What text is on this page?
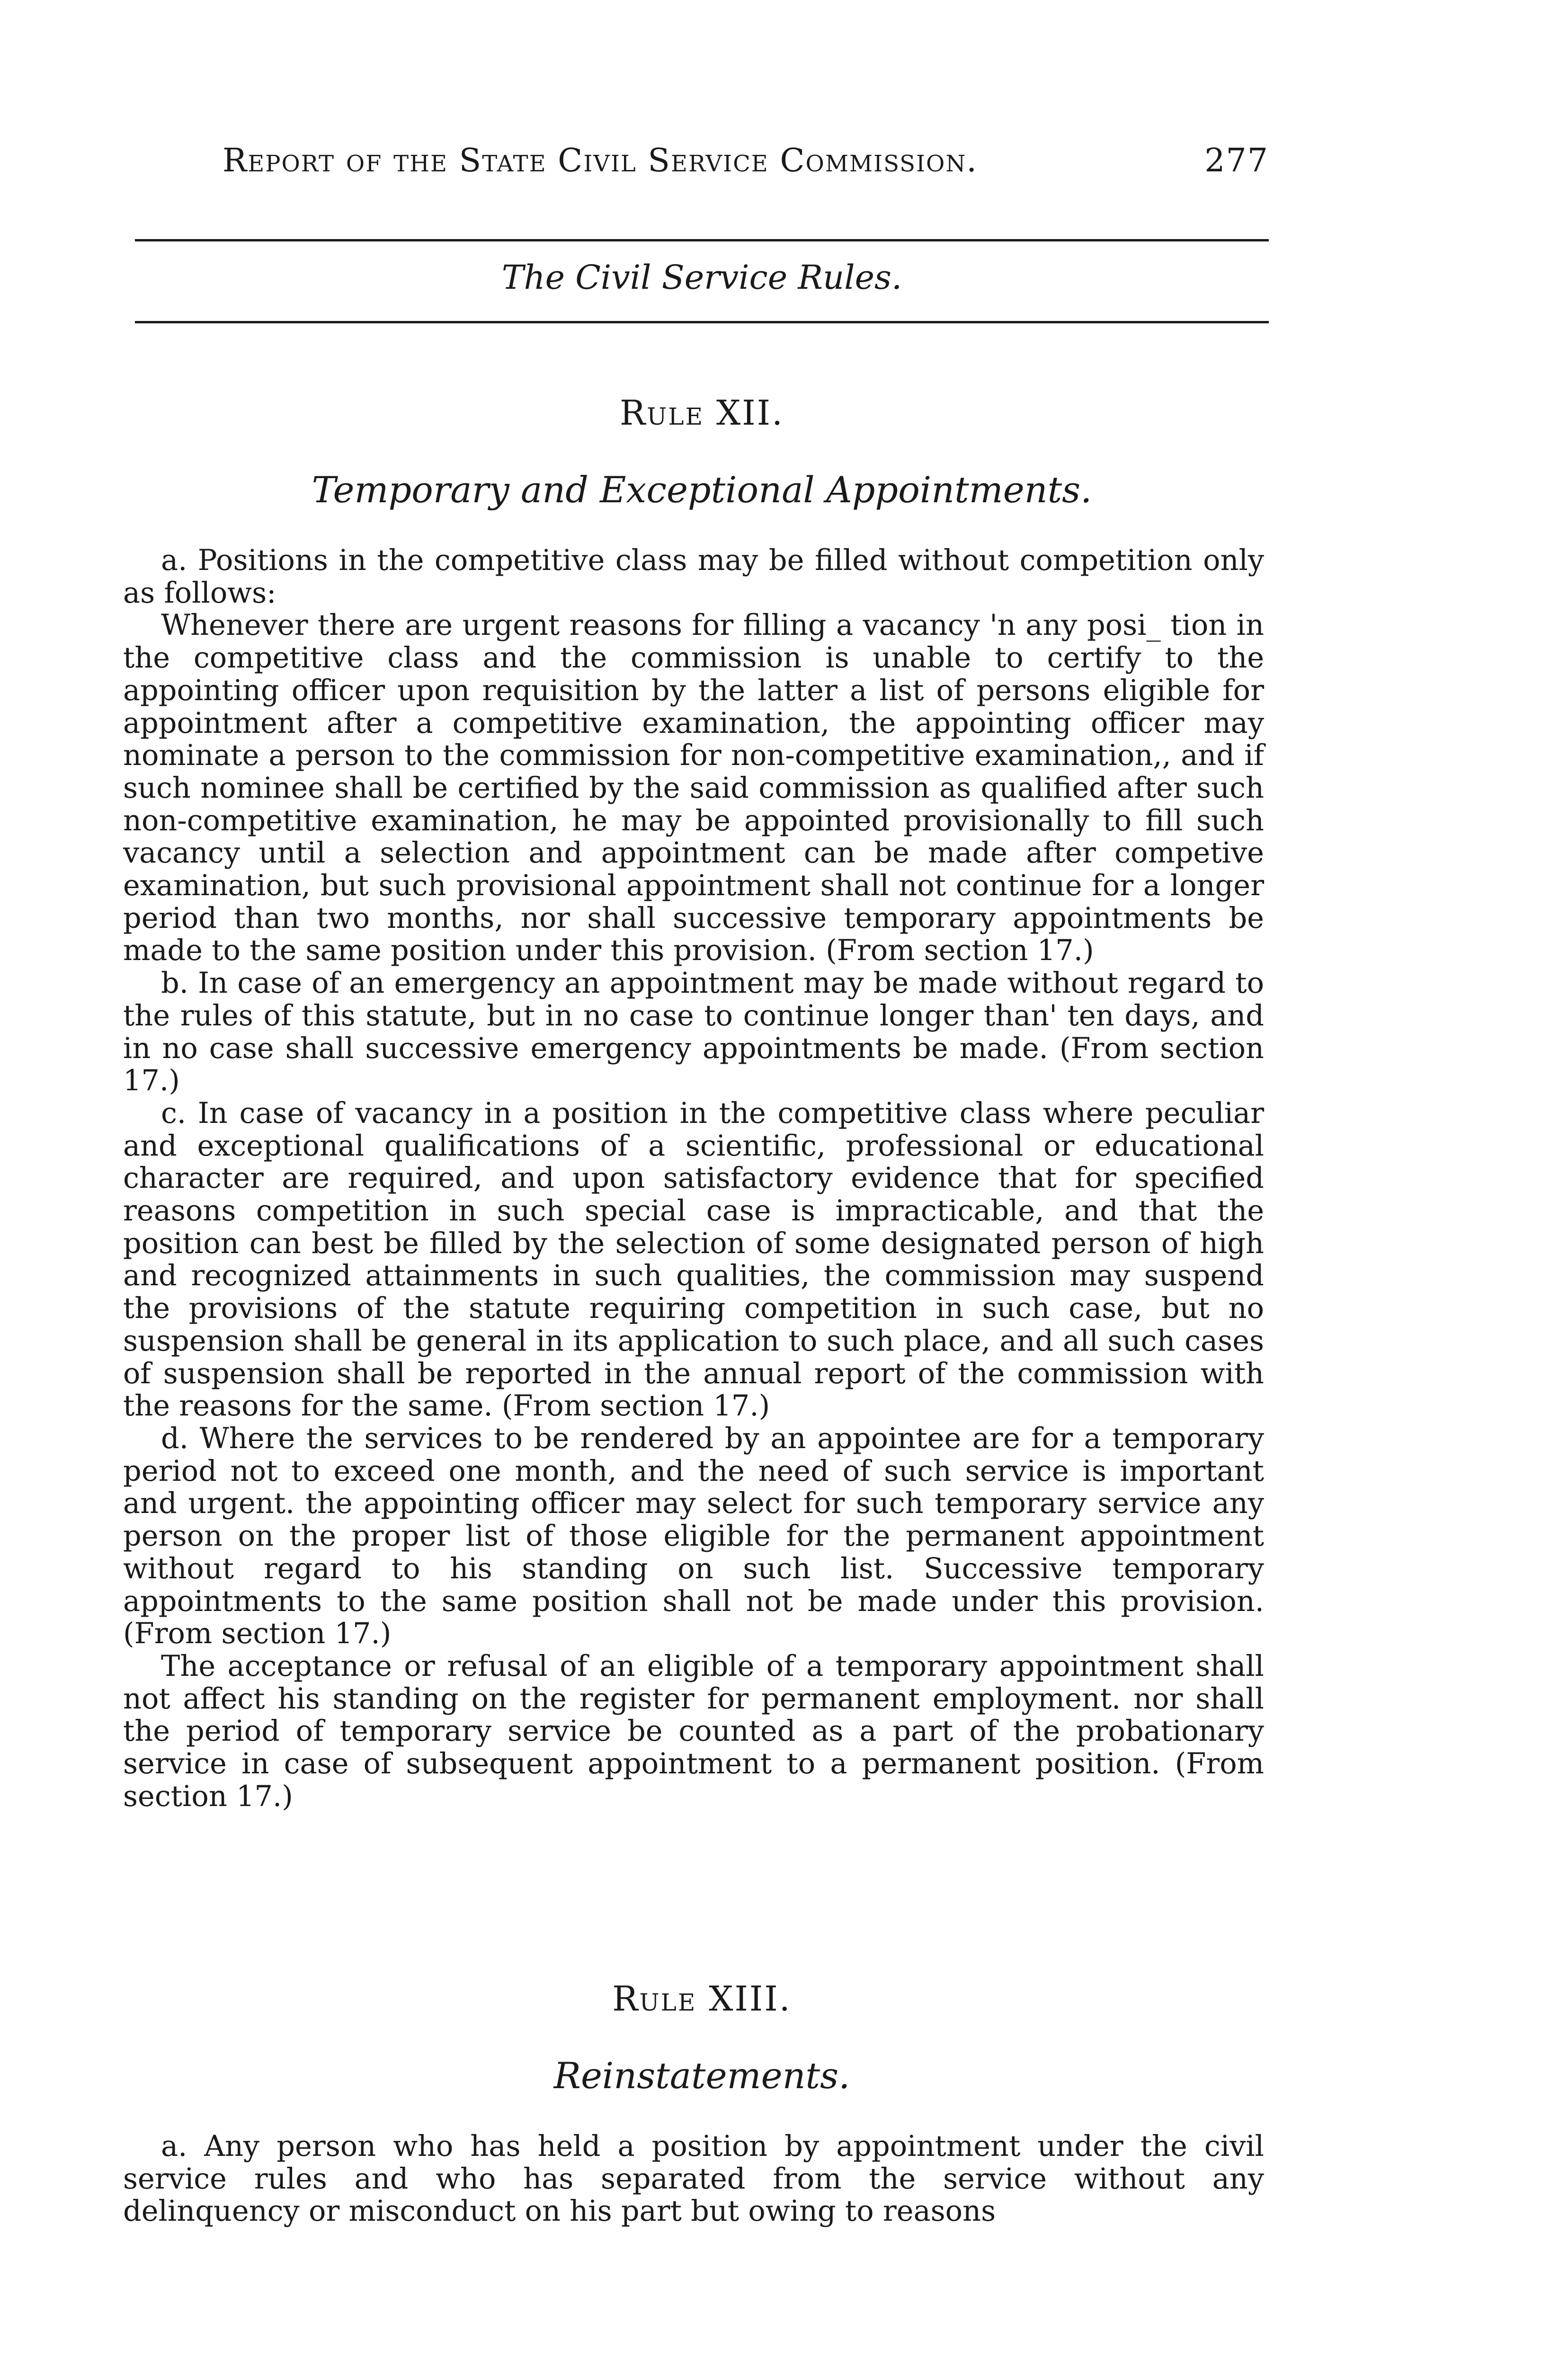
Report of the State Civil Service Commission.	277
The Civil Service Rules.
Rule XII.
Temporary and Exceptional Appointments.

a. Positions in the competitive class may be filled without competition only as follows:

Whenever there are urgent reasons for filling a vacancy 'n any posi_ tion in the competitive class and the commission is unable to certify to the appointing officer upon requisition by the latter a list of persons eligible for appointment after a competitive examination, the appointing officer may nominate a person to the commission for non-competitive examination,, and if such nominee shall be certified by the said commission as qualified after such non-competitive examination, he may be appointed provisionally to fill such vacancy until a selection and appointment can be made after competive examination, but such provisional appointment shall not continue for a longer period than two months, nor shall successive temporary appointments be made to the same position under this provision. (From section 17.)

b. In case of an emergency an appointment may be made without regard to the rules of this statute, but in no case to continue longer than' ten days, and in no case shall successive emergency appointments be made. (From section 17.)

c. In case of vacancy in a position in the competitive class where peculiar and exceptional qualifications of a scientific, professional or educational character are required, and upon satisfactory evidence that for specified reasons competition in such special case is impracticable, and that the position can best be filled by the selection of some designated person of high and recognized attainments in such qualities, the commission may suspend the provisions of the statute requiring competition in such case, but no suspension shall be general in its application to such place, and all such cases of suspension shall be reported in the annual report of the commission with the reasons for the same. (From section 17.)

d. Where the services to be rendered by an appointee are for a temporary period not to exceed one month, and the need of such service is important and urgent. the appointing officer may select for such temporary service any person on the proper list of those eligible for the permanent appointment without regard to his standing on such list. Successive temporary appointments to the same position shall not be made under this provision. (From section 17.)

The acceptance or refusal of an eligible of a temporary appointment shall not affect his standing on the register for permanent employment. nor shall the period of temporary service be counted as a part of the probationary service in case of subsequent appointment to a permanent position. (From section 17.)

Rule XIII.
Reinstatements.

a. Any person who has held a position by appointment under the civil service rules and who has separated from the service without any delinquency or misconduct on his part but owing to reasons
